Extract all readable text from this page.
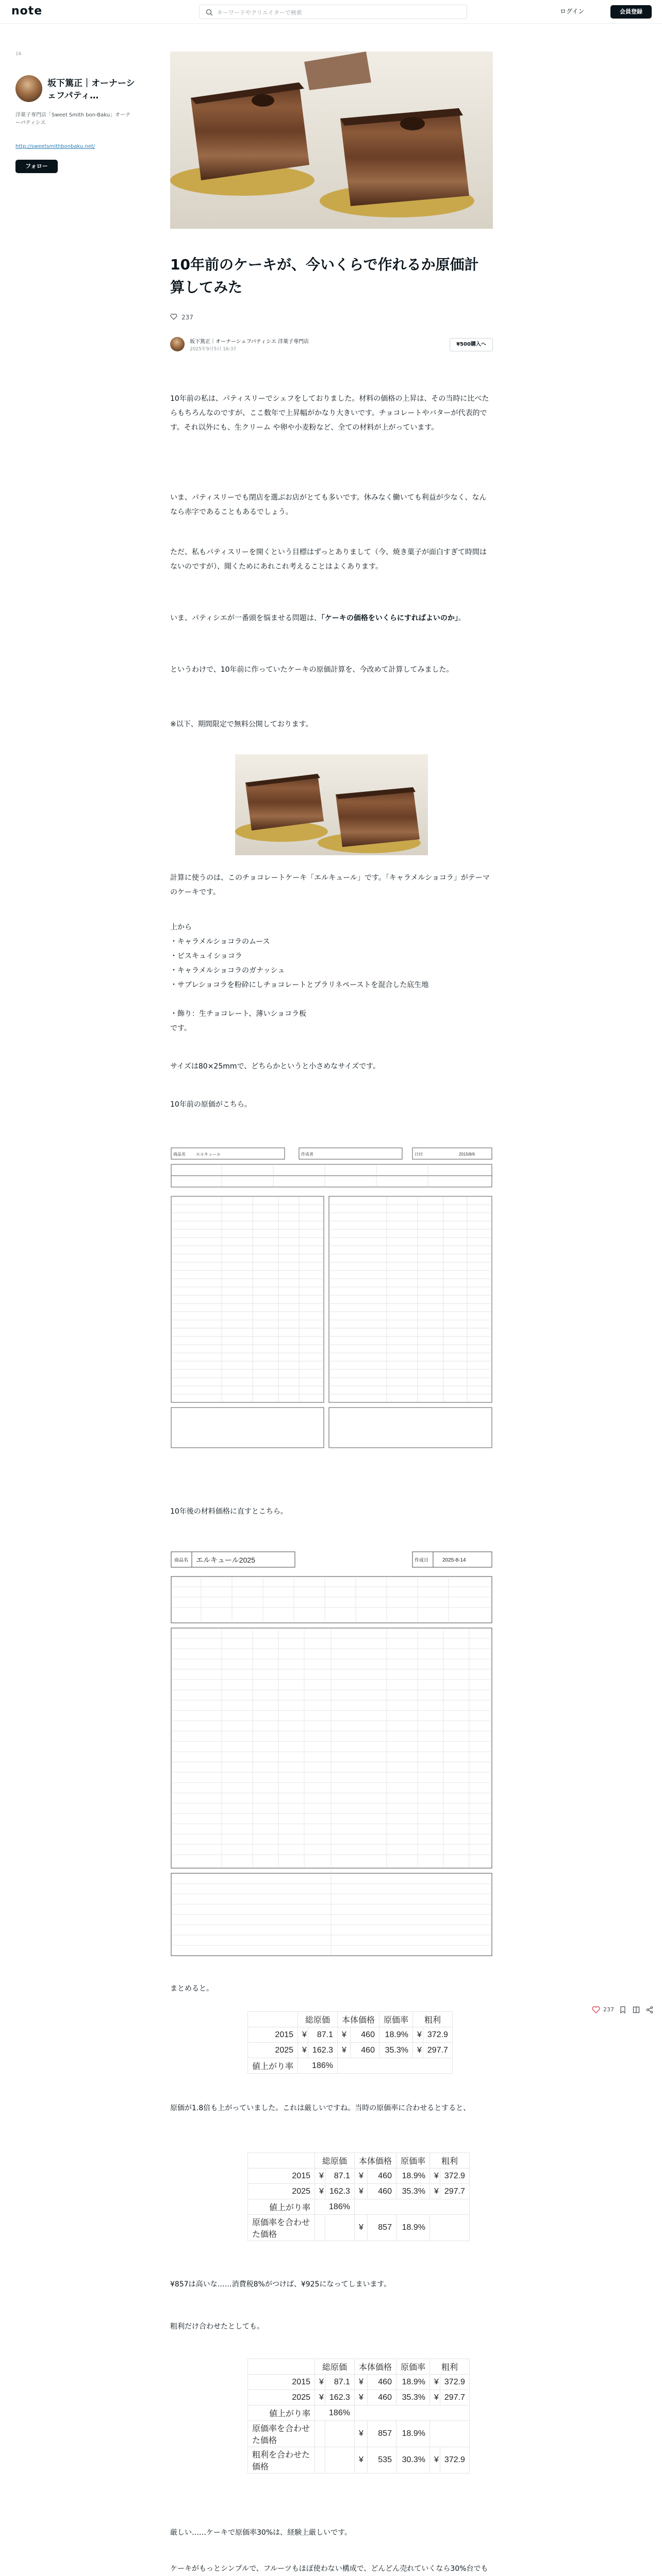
note
キーワードやクリエイターで検索	ログイン	会員登録
16
坂下篤正｜オーナーシェフパティ…
洋菓子専門店「Sweet Smith bon-Baku」オーナーパティシエ
http://sweetsmithbonbaku.net/
フォロー
10年前のケーキが、今いくらで作れるか原価計算してみた
237
坂下篤正｜オーナーシェフパティシエ 洋菓子専門店
2025年9月5日 16:37
¥500購入へ
10年前の私は、パティスリーでシェフをしておりました。材料の価格の上昇は、その当時に比べたらもちろんなのですが、ここ数年で上昇幅がかなり大きいです。チョコレートやバターが代表的です。それ以外にも、生クリーム や卵や小麦粉など、全ての材料が上がっています。
いま、パティスリーでも閉店を選ぶお店がとても多いです。休みなく働いても利益が少なく、なんなら赤字であることもあるでしょう。
ただ、私もパティスリーを開くという目標はずっとありまして（今、焼き菓子が面白すぎて時間はないのですが）、聞くためにあれこれ考えることはよくあります。
いま、パティシエが一番頭を悩ませる問題は、「ケーキの価格をいくらにすればよいのか」。
というわけで、10年前に作っていたケーキの原価計算を、今改めて計算してみました。
※以下、期間限定で無料公開しております。
計算に使うのは、このチョコレートケーキ「エルキュール」です。「キャラメルショコラ」がテーマのケーキです。
上から
・キャラメルショコラのムース
・ビスキュイショコラ
・キャラメルショコラのガナッシュ
・サブレショコラを粉砕にしチョコレートとプラリネペーストを混合した底生地
・飾り：生チョコレート、薄いショコラ板
です。
サイズは80×25mmで、どちらかというと小さめなサイズです。
10年前の原価がこちら。
商品名	エルキュール	作成者	日付	2015/8/6
10年後の材料価格に直すとこちら。
商品名 エルキュール2025	作成日	2025-8-14
237
まとめると。
	総原価		本体価格		原価率	粗利	
2015	¥	87.1	¥	460	18.9%	¥	372.9
2025	¥	162.3	¥	460	35.3%	¥	297.7
値上がり率	186%						
原価が1.8倍も上がっていました。これは厳しいですね。当時の原価率に合わせるとすると、
	総原価		本体価格		原価率	粗利	
2015	¥	87.1	¥	460	18.9%	¥	372.9
2025	¥	162.3	¥	460	35.3%	¥	297.7
値上がり率	186%						
原価率を合わせた価格			¥	857	18.9%		
¥857は高いな……消費税8%がつけば、¥925になってしまいます。
粗利だけ合わせたとしても。
	総原価		本体価格		原価率	粗利	
2015	¥	87.1	¥	460	18.9%	¥	372.9
2025	¥	162.3	¥	460	35.3%	¥	297.7
値上がり率	186%						
原価率を合わせた価格			¥	857	18.9%		
粗利を合わせた価格			¥	535	30.3%	¥	372.9
厳しい……ケーキで原価率30%は、経験上厳しいです。
ケーキがもっとシンプルで、フルーツもほぼ使わない構成で、どんどん売れていくなら30%台でも
